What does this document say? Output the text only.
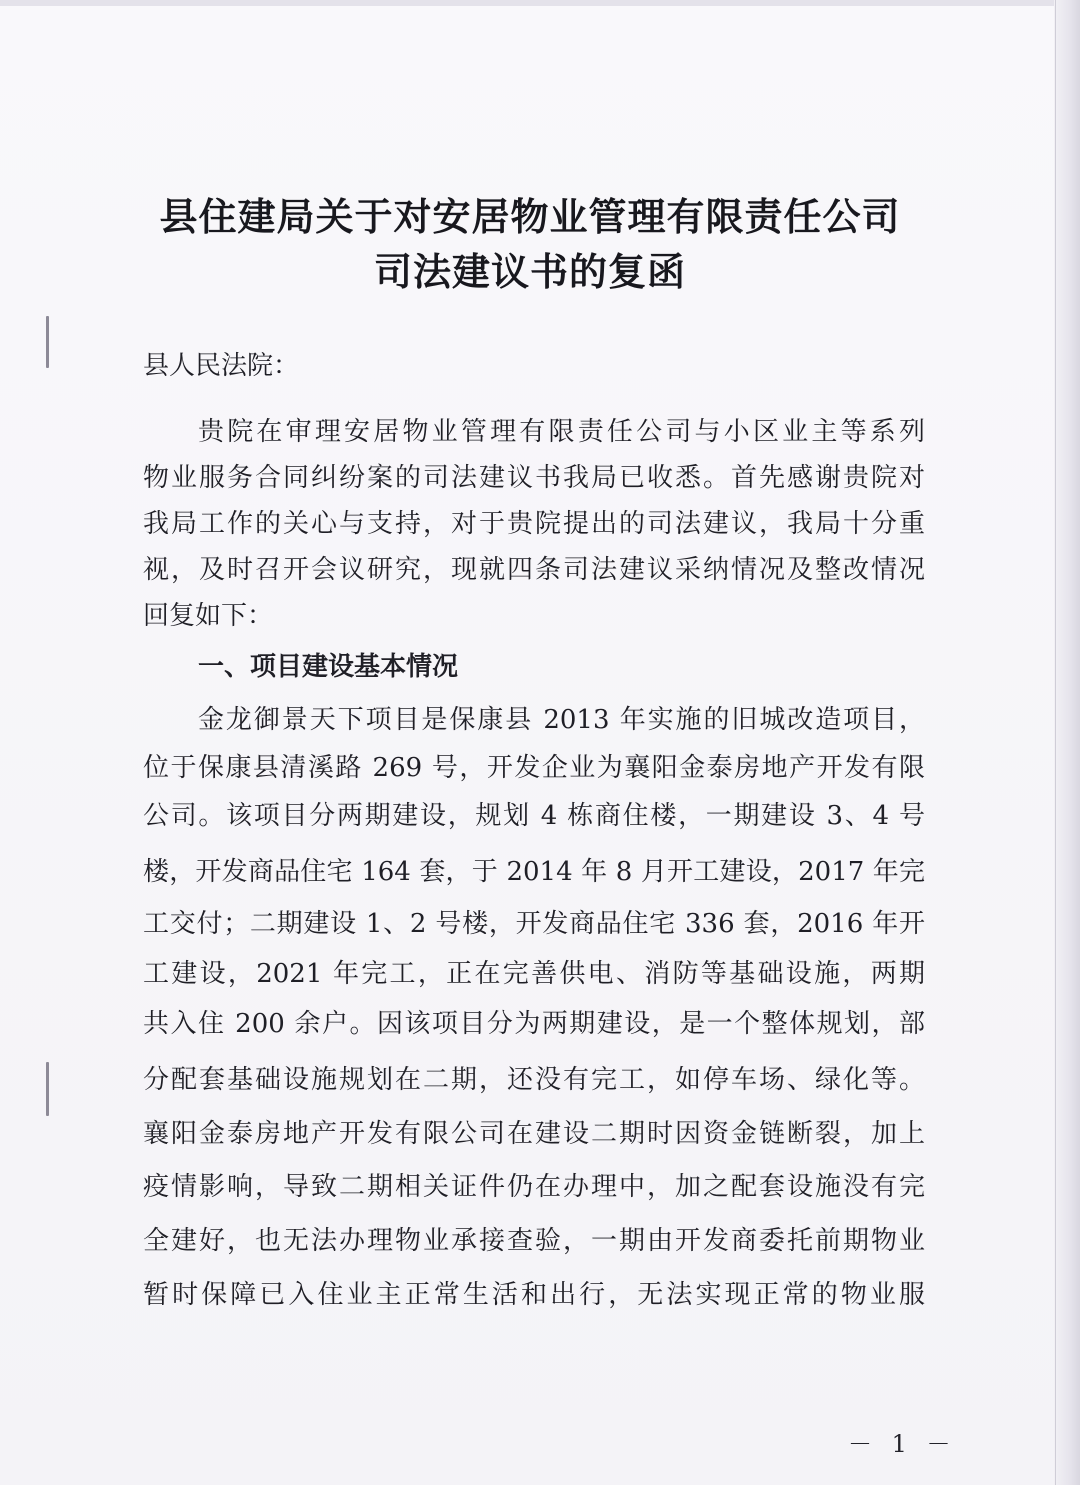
县住建局关于对安居物业管理有限责任公司
司法建议书的复函
县人民法院：
贵院在审理安居物业管理有限责任公司与小区业主等系列
物业服务合同纠纷案的司法建议书我局已收悉。首先感谢贵院对
我局工作的关心与支持，对于贵院提出的司法建议，我局十分重
视，及时召开会议研究，现就四条司法建议采纳情况及整改情况
回复如下：
一、项目建设基本情况
金龙御景天下项目是保康县 2013 年实施的旧城改造项目，
位于保康县清溪路 269 号，开发企业为襄阳金泰房地产开发有限
公司。该项目分两期建设，规划 4 栋商住楼，一期建设 3、4 号
楼，开发商品住宅 164 套，于 2014 年 8 月开工建设，2017 年完
工交付；二期建设 1、2 号楼，开发商品住宅 336 套，2016 年开
工建设，2021 年完工，正在完善供电、消防等基础设施，两期
共入住 200 余户。因该项目分为两期建设，是一个整体规划，部
分配套基础设施规划在二期，还没有完工，如停车场、绿化等。
襄阳金泰房地产开发有限公司在建设二期时因资金链断裂，加上
疫情影响，导致二期相关证件仍在办理中，加之配套设施没有完
全建好，也无法办理物业承接查验，一期由开发商委托前期物业
暂时保障已入住业主正常生活和出行，无法实现正常的物业服
－ 1 －
